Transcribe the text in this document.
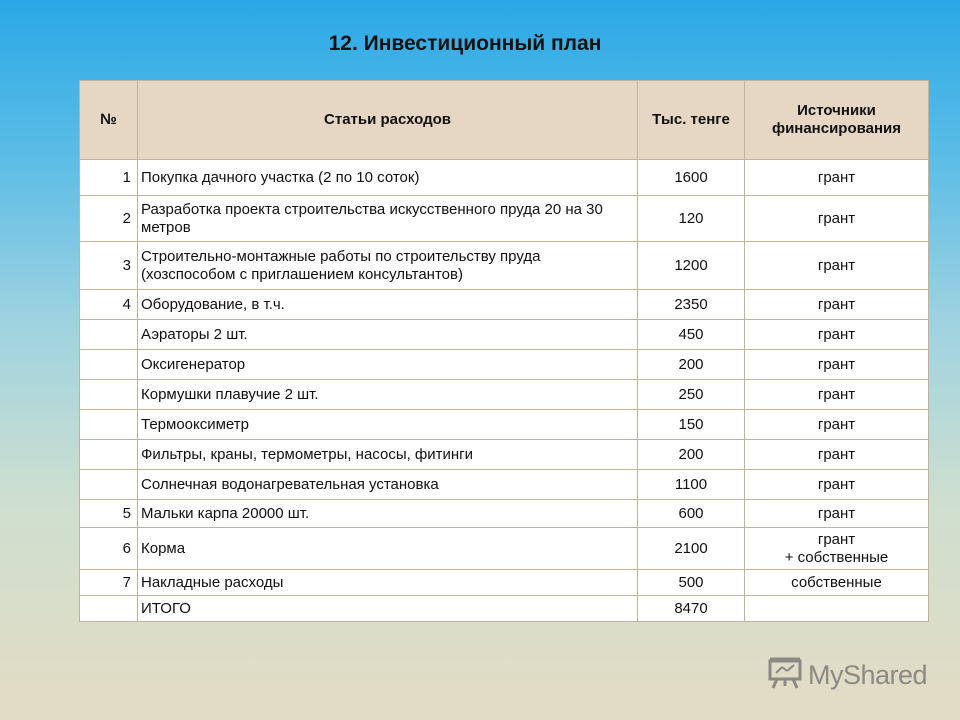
12. Инвестиционный план
№	Статьи расходов	Тыс. тенге	Источники финансирования
1	Покупка дачного участка (2 по 10 соток)	1600	грант
2	Разработка проекта строительства искусственного пруда 20 на 30 метров	120	грант
3	Строительно-монтажные работы по строительству пруда (хозспособом с приглашением консультантов)	1200	грант
4	Оборудование, в т.ч.	2350	грант
	Аэраторы 2 шт.	450	грант
	Оксигенератор	200	грант
	Кормушки плавучие 2 шт.	250	грант
	Термооксиметр	150	грант
	Фильтры, краны, термометры, насосы, фитинги	200	грант
	Солнечная водонагревательная установка	1100	грант
5	Мальки карпа 20000 шт.	600	грант
6	Корма	2100	грант
+ собственные
7	Накладные расходы	500	собственные
	ИТОГО	8470	
MyShared
